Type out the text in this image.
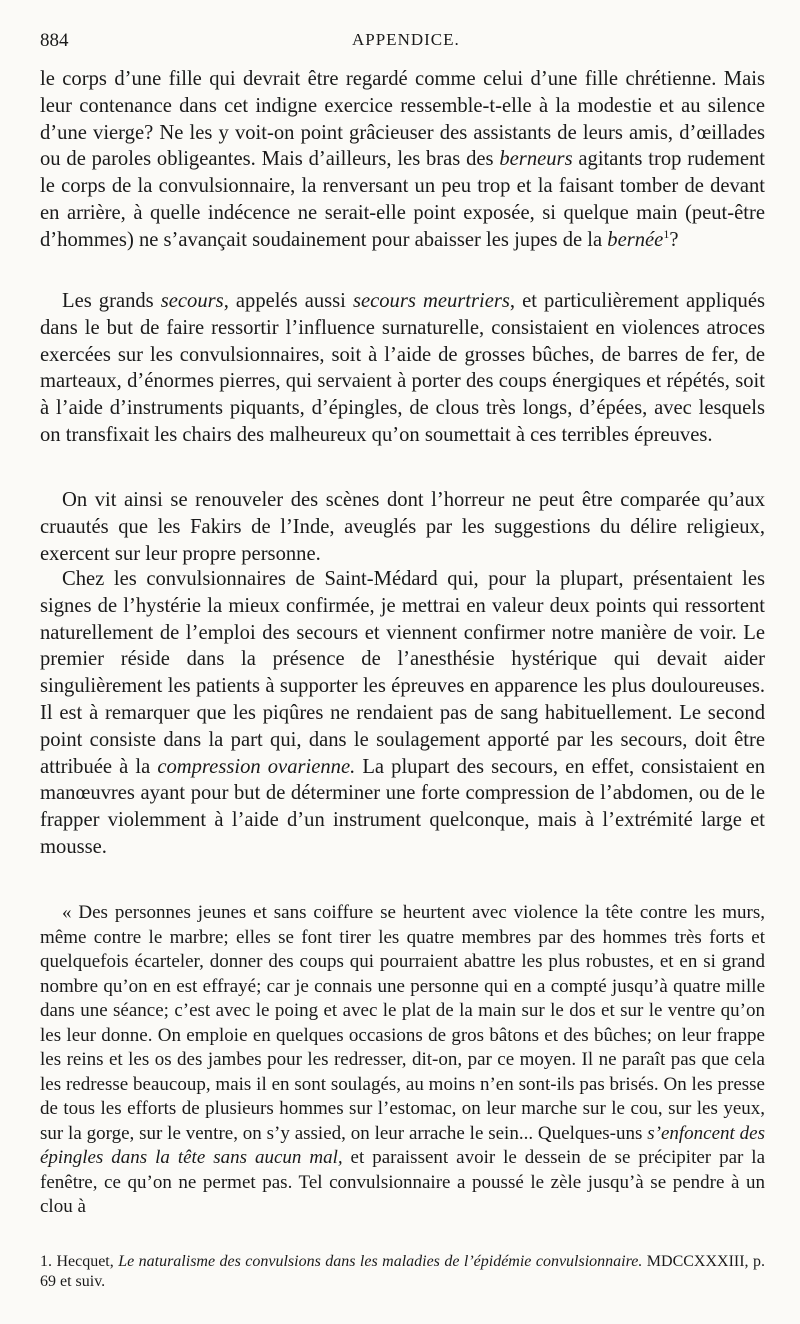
884	APPENDICE.

le corps d’une fille qui devrait être regardé comme celui d’une fille chrétienne. Mais leur contenance dans cet indigne exercice ressemble-t-elle à la modestie et au silence d’une vierge? Ne les y voit-on point grâcieuser des assistants de leurs amis, d’œillades ou de paroles obligeantes. Mais d’ailleurs, les bras des berneurs agitants trop rudement le corps de la convulsionnaire, la renversant un peu trop et la faisant tomber de devant en arrière, à quelle indécence ne serait-elle point exposée, si quelque main (peut-être d’hommes) ne s’avançait soudainement pour abaisser les jupes de la bernée$^1$?

Les grands secours, appelés aussi secours meurtriers, et particulièrement appliqués dans le but de faire ressortir l’influence surnaturelle, consistaient en violences atroces exercées sur les convulsionnaires, soit à l’aide de grosses bûches, de barres de fer, de marteaux, d’énormes pierres, qui servaient à porter des coups énergiques et répétés, soit à l’aide d’instruments piquants, d’épingles, de clous très longs, d’épées, avec lesquels on transfixait les chairs des malheureux qu’on soumettait à ces terribles épreuves.

On vit ainsi se renouveler des scènes dont l’horreur ne peut être comparée qu’aux cruautés que les Fakirs de l’Inde, aveuglés par les suggestions du délire religieux, exercent sur leur propre personne.

Chez les convulsionnaires de Saint-Médard qui, pour la plupart, présentaient les signes de l’hystérie la mieux confirmée, je mettrai en valeur deux points qui ressortent naturellement de l’emploi des secours et viennent confirmer notre manière de voir. Le premier réside dans la présence de l’anesthésie hystérique qui devait aider singulièrement les patients à supporter les épreuves en apparence les plus douloureuses. Il est à remarquer que les piqûres ne rendaient pas de sang habituellement. Le second point consiste dans la part qui, dans le soulagement apporté par les secours, doit être attribuée à la compression ovarienne. La plupart des secours, en effet, consistaient en manœuvres ayant pour but de déterminer une forte compression de l’abdomen, ou de le frapper violemment à l’aide d’un instrument quelconque, mais à l’extrémité large et mousse.

« Des personnes jeunes et sans coiffure se heurtent avec violence la tête contre les murs, même contre le marbre; elles se font tirer les quatre membres par des hommes très forts et quelquefois écarteler, donner des coups qui pourraient abattre les plus robustes, et en si grand nombre qu’on en est effrayé; car je connais une personne qui en a compté jusqu’à quatre mille dans une séance; c’est avec le poing et avec le plat de la main sur le dos et sur le ventre qu’on les leur donne. On emploie en quelques occasions de gros bâtons et des bûches; on leur frappe les reins et les os des jambes pour les redresser, dit-on, par ce moyen. Il ne paraît pas que cela les redresse beaucoup, mais il en sont soulagés, au moins n’en sont-ils pas brisés. On les presse de tous les efforts de plusieurs hommes sur l’estomac, on leur marche sur le cou, sur les yeux, sur la gorge, sur le ventre, on s’y assied, on leur arrache le sein... Quelques-uns s’enfoncent des épingles dans la tête sans aucun mal, et paraissent avoir le dessein de se précipiter par la fenêtre, ce qu’on ne permet pas. Tel convulsionnaire a poussé le zèle jusqu’à se pendre à un clou à

1. Hecquet, Le naturalisme des convulsions dans les maladies de l’épidémie convulsionnaire. MDCCXXXIII, p. 69 et suiv.
